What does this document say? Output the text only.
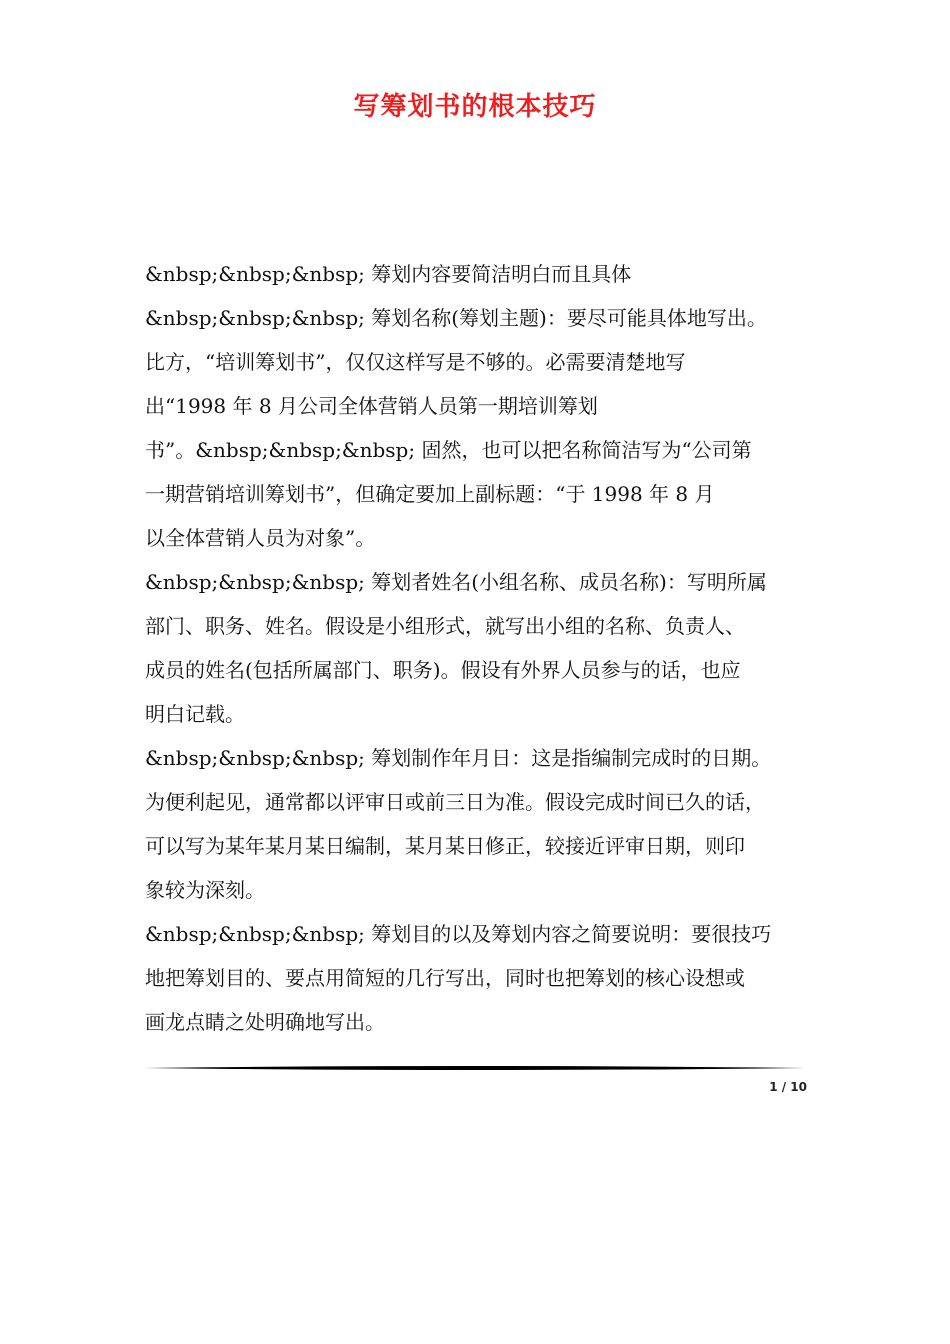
写筹划书的根本技巧
&nbsp;&nbsp;&nbsp; 筹划内容要简洁明白而且具体
&nbsp;&nbsp;&nbsp; 筹划名称(筹划主题)：要尽可能具体地写出。
比方，“培训筹划书”，仅仅这样写是不够的。必需要清楚地写
出“1998 年 8 月公司全体营销人员第一期培训筹划
书”。&nbsp;&nbsp;&nbsp; 固然，也可以把名称简洁写为“公司第
一期营销培训筹划书”，但确定要加上副标题：“于 1998 年 8 月
以全体营销人员为对象”。
&nbsp;&nbsp;&nbsp; 筹划者姓名(小组名称、成员名称)：写明所属
部门、职务、姓名。假设是小组形式，就写出小组的名称、负责人、
成员的姓名(包括所属部门、职务)。假设有外界人员参与的话，也应
明白记载。
&nbsp;&nbsp;&nbsp; 筹划制作年月日：这是指编制完成时的日期。
为便利起见，通常都以评审日或前三日为准。假设完成时间已久的话，
可以写为某年某月某日编制，某月某日修正，较接近评审日期，则印
象较为深刻。
&nbsp;&nbsp;&nbsp; 筹划目的以及筹划内容之简要说明：要很技巧
地把筹划目的、要点用简短的几行写出，同时也把筹划的核心设想或
画龙点睛之处明确地写出。
1 / 10
